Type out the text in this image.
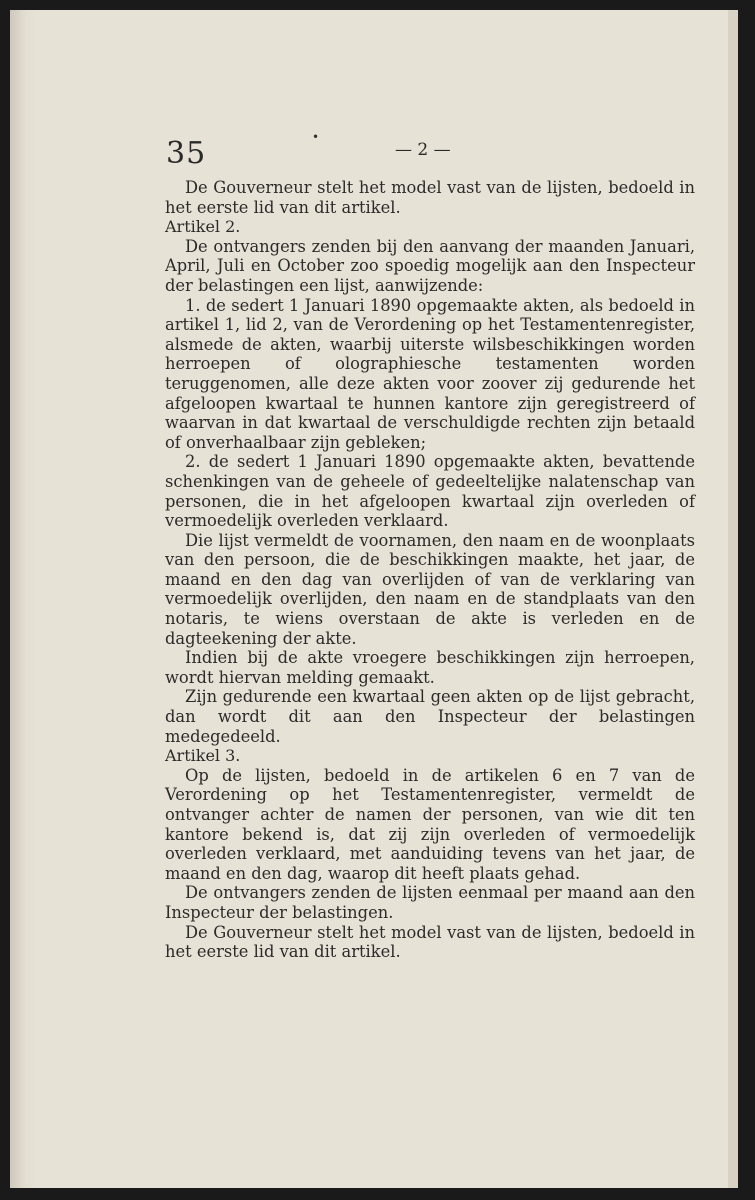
35	•
— 2 —

De Gouverneur stelt het model vast van de lijsten, bedoeld in het eerste lid van dit artikel.

Artikel 2.

De ontvangers zenden bij den aanvang der maanden Januari, April, Juli en October zoo spoedig mogelijk aan den Inspecteur der belastingen een lijst, aanwijzende:

1. de sedert 1 Januari 1890 opgemaakte akten, als bedoeld in artikel 1, lid 2, van de Verordening op het Testamentenregister, alsmede de akten, waarbij uiterste wilsbeschikkingen worden herroepen of olographiesche testamenten worden teruggenomen, alle deze akten voor zoover zij gedurende het afgeloopen kwartaal te hunnen kantore zijn geregistreerd of waarvan in dat kwartaal de verschuldigde rechten zijn betaald of onverhaalbaar zijn gebleken;

2. de sedert 1 Januari 1890 opgemaakte akten, bevattende schenkingen van de geheele of gedeeltelijke nalatenschap van personen, die in het afgeloopen kwartaal zijn overleden of vermoedelijk overleden verklaard.

Die lijst vermeldt de voornamen, den naam en de woonplaats van den persoon, die de beschikkingen maakte, het jaar, de maand en den dag van overlijden of van de verklaring van vermoedelijk overlijden, den naam en de standplaats van den notaris, te wiens overstaan de akte is verleden en de dagteekening der akte.

Indien bij de akte vroegere beschikkingen zijn herroepen, wordt hiervan melding gemaakt.

Zijn gedurende een kwartaal geen akten op de lijst gebracht, dan wordt dit aan den Inspecteur der belastingen medegedeeld.

Artikel 3.

Op de lijsten, bedoeld in de artikelen 6 en 7 van de Verordening op het Testamentenregister, vermeldt de ontvanger achter de namen der personen, van wie dit ten kantore bekend is, dat zij zijn overleden of vermoedelijk overleden verklaard, met aanduiding tevens van het jaar, de maand en den dag, waarop dit heeft plaats gehad.

De ontvangers zenden de lijsten eenmaal per maand aan den Inspecteur der belastingen.

De Gouverneur stelt het model vast van de lijsten, bedoeld in het eerste lid van dit artikel.
